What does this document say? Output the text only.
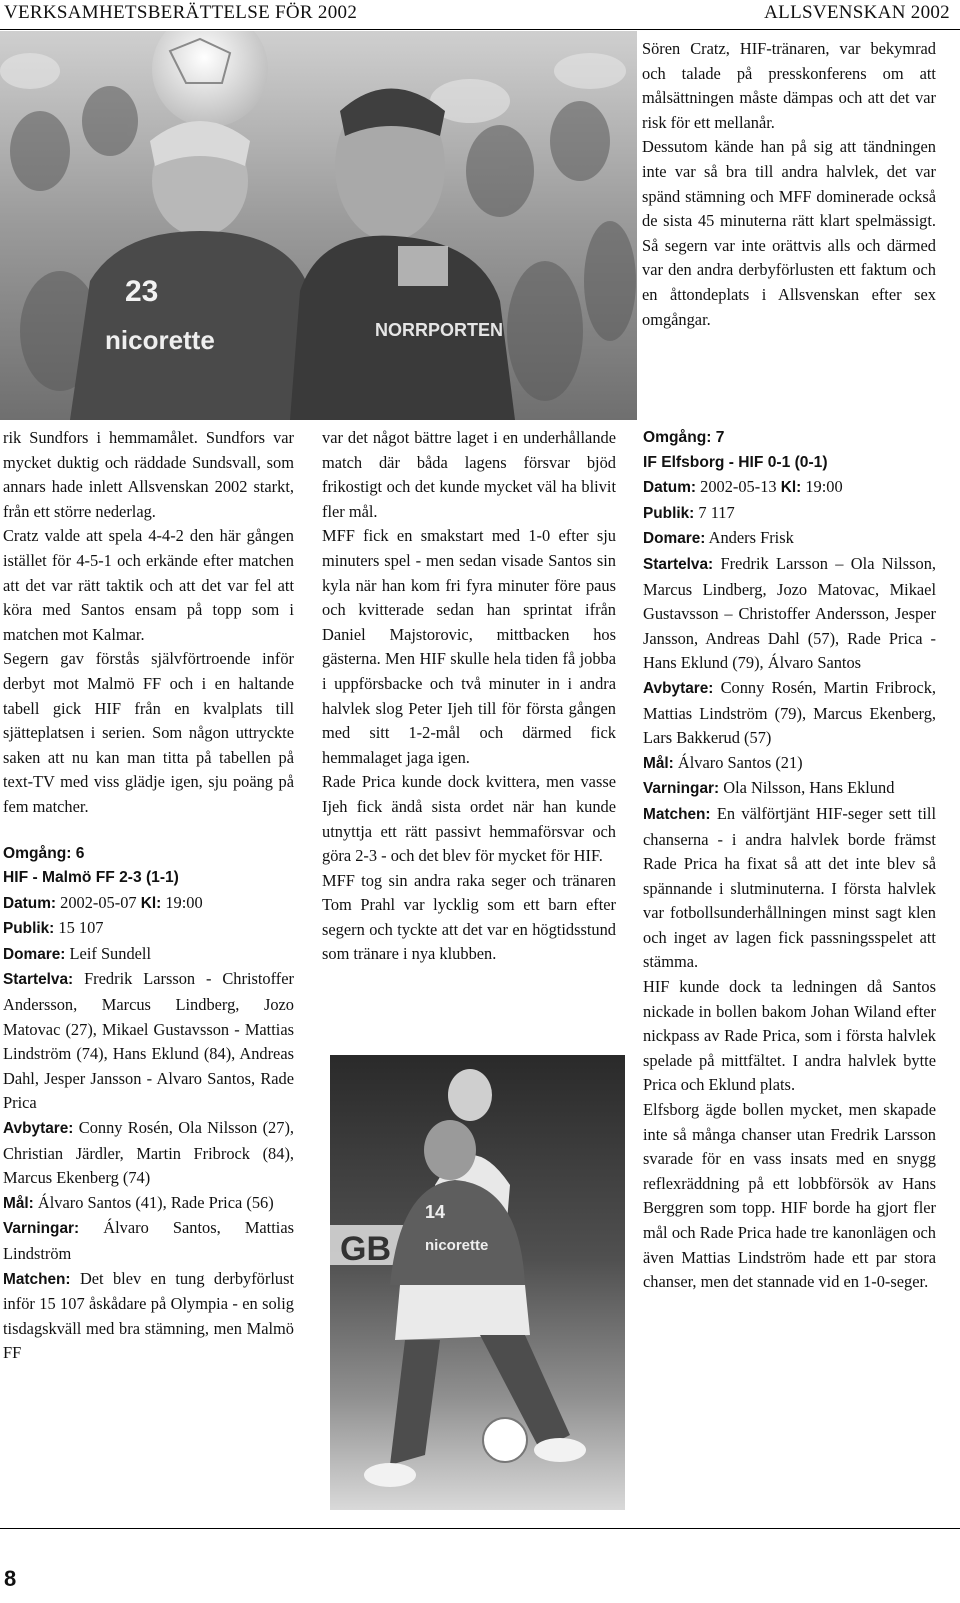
VERKSAMHETSBERÄTTELSE FÖR 2002	ALLSVENSKAN 2002
23
nicorette	NORRPORTEN

Sören Cratz, HIF-tränaren, var bekymrad och talade på presskonferens om att målsättningen måste dämpas och att det var risk för ett mellanår.

Dessutom kände han på sig att tändningen inte var så bra till andra halvlek, det var spänd stämning och MFF dominerade också de sista 45 minuterna rätt klart spelmässigt. Så segern var inte orättvis alls och därmed var den andra derbyförlusten ett faktum och en åttondeplats i Allsvenskan efter sex omgångar.

rik Sundfors i hemmamålet. Sundfors var mycket duktig och räddade Sundsvall, som annars hade inlett Allsvenskan 2002 starkt, från ett större nederlag.

Cratz valde att spela 4-4-2 den här gången istället för 4-5-1 och erkände efter matchen att det var rätt taktik och att det var fel att köra med Santos ensam på topp som i matchen mot Kalmar.

Segern gav förstås självförtroende inför derbyt mot Malmö FF och i en haltande tabell gick HIF från en kvalplats till sjätteplatsen i serien. Som någon uttryckte saken att nu kan man titta på tabellen på text-TV med viss glädje igen, sju poäng på fem matcher.

Omgång: 6

HIF - Malmö FF 2-3 (1-1)

Datum: 2002-05-07 Kl: 19:00

Publik: 15 107

Domare: Leif Sundell

Startelva: Fredrik Larsson - Christoffer Andersson, Marcus Lindberg, Jozo Matovac (27), Mikael Gustavsson - Mattias Lindström (74), Hans Eklund (84), Andreas Dahl, Jesper Jansson - Alvaro Santos, Rade Prica

Avbytare: Conny Rosén, Ola Nilsson (27), Christian Järdler, Martin Fribrock (84), Marcus Ekenberg (74)

Mål: Álvaro Santos (41), Rade Prica (56)

Varningar: Álvaro Santos, Mattias Lindström

Matchen: Det blev en tung derbyförlust inför 15 107 åskådare på Olympia - en solig tisdagskväll med bra stämning, men Malmö FF

var det något bättre laget i en underhållande match där båda lagens försvar bjöd frikostigt och det kunde mycket väl ha blivit fler mål.

MFF fick en smakstart med 1-0 efter sju minuters spel - men sedan visade Santos sin kyla när han kom fri fyra minuter före paus och kvitterade sedan han sprintat ifrån Daniel Majstorovic, mittbacken hos gästerna. Men HIF skulle hela tiden få jobba i uppförsbacke och två minuter in i andra halvlek slog Peter Ijeh till för första gången med sitt 1-2-mål och därmed fick hemmalaget jaga igen.

Rade Prica kunde dock kvittera, men vasse Ijeh fick ändå sista ordet när han kunde utnyttja ett rätt passivt hemmaförsvar och göra 2-3 - och det blev för mycket för HIF.

MFF tog sin andra raka seger och tränaren Tom Prahl var lycklig som ett barn efter segern och tyckte att det var en högtidsstund som tränare i nya klubben.

GB
14
nicorette

Omgång: 7

IF Elfsborg - HIF 0-1 (0-1)

Datum: 2002-05-13 Kl: 19:00

Publik: 7 117

Domare: Anders Frisk

Startelva: Fredrik Larsson – Ola Nilsson, Marcus Lindberg, Jozo Matovac, Mikael Gustavsson – Christoffer Andersson, Jesper Jansson, Andreas Dahl (57), Rade Prica - Hans Eklund (79), Álvaro Santos

Avbytare: Conny Rosén, Martin Fribrock, Mattias Lindström (79), Marcus Ekenberg, Lars Bakkerud (57)

Mål: Álvaro Santos (21)

Varningar: Ola Nilsson, Hans Eklund

Matchen: En välförtjänt HIF-seger sett till chanserna - i andra halvlek borde främst Rade Prica ha fixat så att det inte blev så spännande i slutminuterna. I första halvlek var fotbollsunderhållningen minst sagt klen och inget av lagen fick passningsspelet att stämma.

HIF kunde dock ta ledningen då Santos nickade in bollen bakom Johan Wiland efter nickpass av Rade Prica, som i första halvlek spelade på mittfältet. I andra halvlek bytte Prica och Eklund plats.

Elfsborg ägde bollen mycket, men skapade inte så många chanser utan Fredrik Larsson svarade för en vass insats med en snygg reflexräddning på ett lobbförsök av Hans Berggren som topp. HIF borde ha gjort fler mål och Rade Prica hade tre kanonlägen och även Mattias Lindström hade ett par stora chanser, men det stannade vid en 1-0-seger.

8
